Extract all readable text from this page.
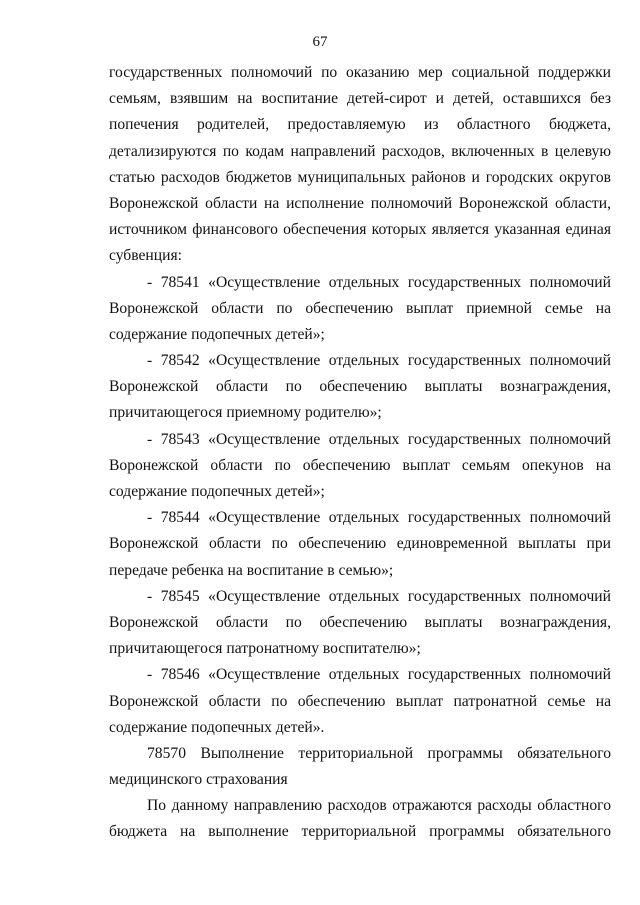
67
государственных полномочий по оказанию мер социальной поддержки
семьям, взявшим на воспитание детей-сирот и детей, оставшихся без
попечения родителей, предоставляемую из областного бюджета,
детализируются по кодам направлений расходов, включенных в целевую
статью расходов бюджетов муниципальных районов и городских округов
Воронежской области на исполнение полномочий Воронежской области,
источником финансового обеспечения которых является указанная единая
субвенция:
- 78541 «Осуществление отдельных государственных полномочий
Воронежской области по обеспечению выплат приемной семье на
содержание подопечных детей»;
- 78542 «Осуществление отдельных государственных полномочий
Воронежской области по обеспечению выплаты вознаграждения,
причитающегося приемному родителю»;
- 78543 «Осуществление отдельных государственных полномочий
Воронежской области по обеспечению выплат семьям опекунов на
содержание подопечных детей»;
- 78544 «Осуществление отдельных государственных полномочий
Воронежской области по обеспечению единовременной выплаты при
передаче ребенка на воспитание в семью»;
- 78545 «Осуществление отдельных государственных полномочий
Воронежской области по обеспечению выплаты вознаграждения,
причитающегося патронатному воспитателю»;
- 78546 «Осуществление отдельных государственных полномочий
Воронежской области по обеспечению выплат патронатной семье на
содержание подопечных детей».
78570 Выполнение территориальной программы обязательного
медицинского страхования
По данному направлению расходов отражаются расходы областного
бюджета на выполнение территориальной программы обязательного
